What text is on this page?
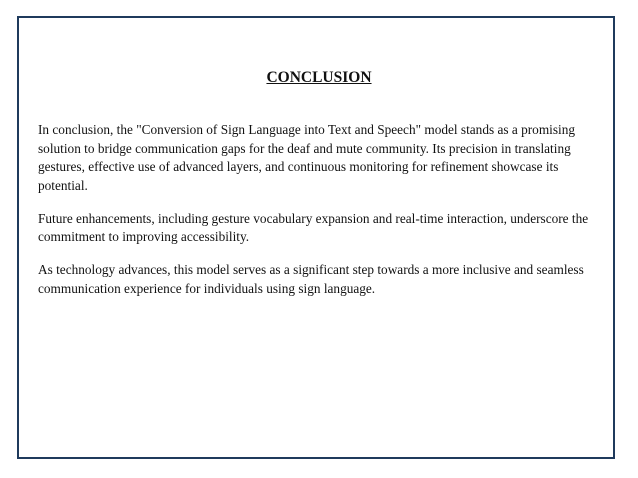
CONCLUSION

In conclusion, the "Conversion of Sign Language into Text and Speech" model stands as a promising solution to bridge communication gaps for the deaf and mute community. Its precision in translating gestures, effective use of advanced layers, and continuous monitoring for refinement showcase its potential.

Future enhancements, including gesture vocabulary expansion and real-time interaction, underscore the commitment to improving accessibility.

As technology advances, this model serves as a significant step towards a more inclusive and seamless communication experience for individuals using sign language.
